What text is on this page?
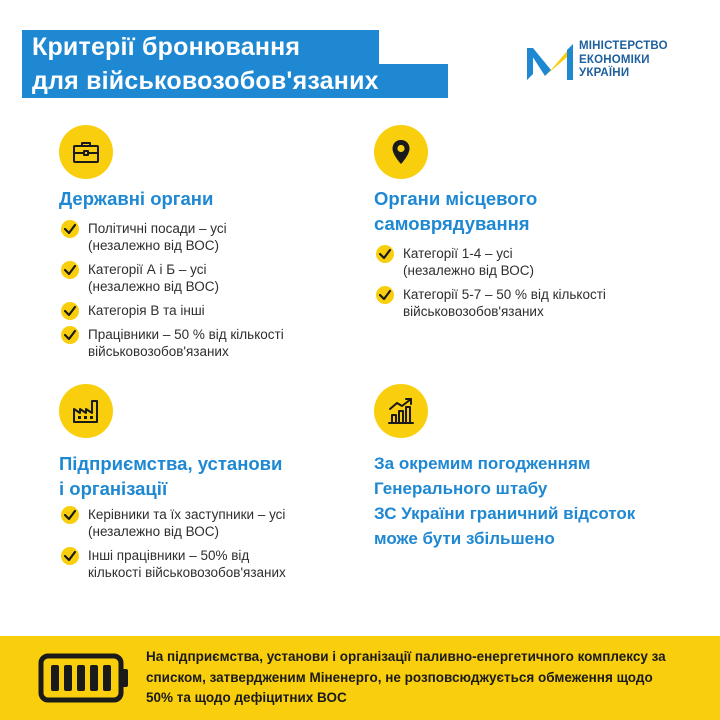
Критерії бронювання
для військовозобов'язаних
МІНІСТЕРСТВО
ЕКОНОМІКИ
УКРАЇНИ
Державні органи
Політичні посади – усі
(незалежно від ВОС)
Категорії А і Б – усі
(незалежно від ВОС)
Категорія В та інші
Працівники – 50 % від кількості
військовозобов'язаних
Органи місцевого
самоврядування
Категорії 1-4 – усі
(незалежно від ВОС)
Категорії 5-7 – 50 % від кількості
військовозобов'язаних
Підприємства, установи
і організації
Керівники та їх заступники – усі
(незалежно від ВОС)
Інші працівники – 50% від
кількості військовозобов'язаних
За окремим погодженням
Генерального штабу
ЗС України граничний відсоток
може бути збільшено
На підприємства, установи і організації паливно-енергетичного комплексу за
списком, затвердженим Міненерго, не розповсюджується обмеження щодо
50% та щодо дефіцитних ВОС
